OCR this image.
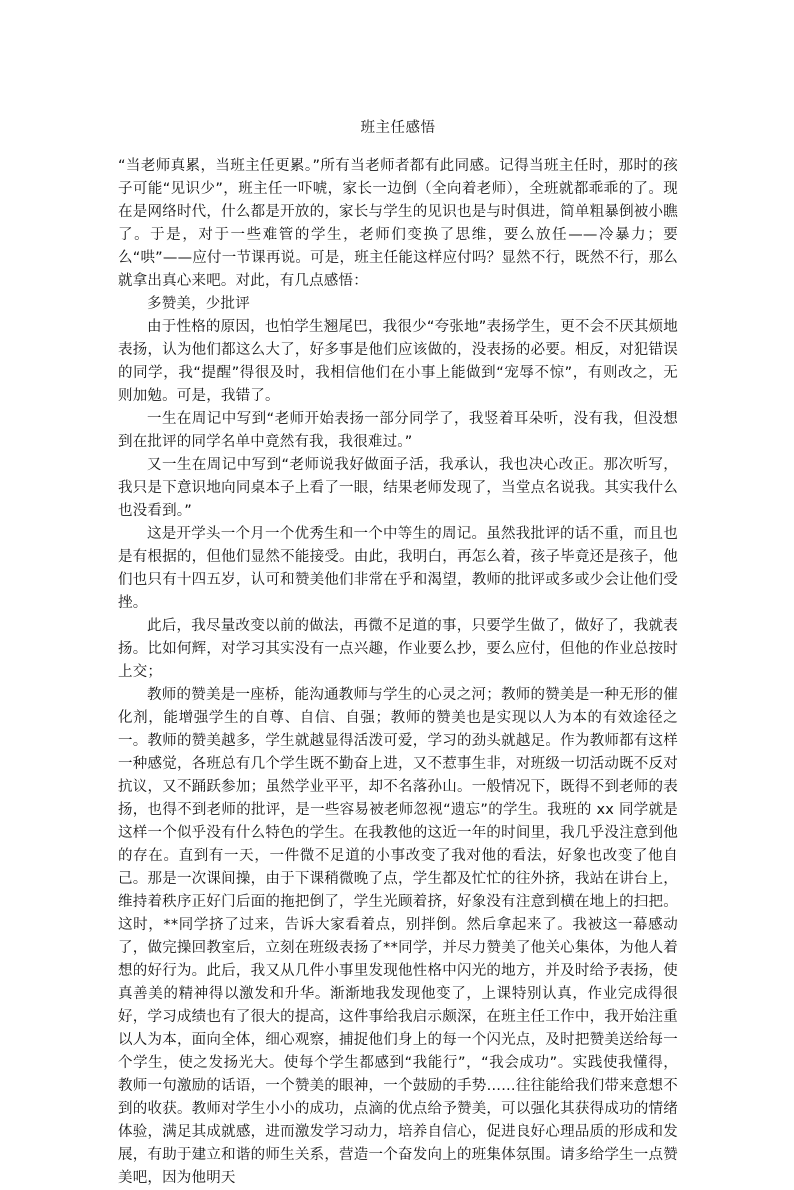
班主任感悟

“当老师真累，当班主任更累。”所有当老师者都有此同感。记得当班主任时，那时的孩子可能“见识少”，班主任一吓唬，家长一边倒（全向着老师），全班就都乖乖的了。现在是网络时代，什么都是开放的，家长与学生的见识也是与时俱进，简单粗暴倒被小瞧了。于是，对于一些难管的学生，老师们变换了思维，要么放任——冷暴力；要么“哄”——应付一节课再说。可是，班主任能这样应付吗？显然不行，既然不行，那么就拿出真心来吧。对此，有几点感悟：

多赞美，少批评

由于性格的原因，也怕学生翘尾巴，我很少“夸张地”表扬学生，更不会不厌其烦地表扬，认为他们都这么大了，好多事是他们应该做的，没表扬的必要。相反，对犯错误的同学，我“提醒”得很及时，我相信他们在小事上能做到“宠辱不惊”，有则改之，无则加勉。可是，我错了。

一生在周记中写到“老师开始表扬一部分同学了，我竖着耳朵听，没有我，但没想到在批评的同学名单中竟然有我，我很难过。”

又一生在周记中写到“老师说我好做面子活，我承认，我也决心改正。那次听写，我只是下意识地向同桌本子上看了一眼，结果老师发现了，当堂点名说我。其实我什么也没看到。”

这是开学头一个月一个优秀生和一个中等生的周记。虽然我批评的话不重，而且也是有根据的，但他们显然不能接受。由此，我明白，再怎么着，孩子毕竟还是孩子，他们也只有十四五岁，认可和赞美他们非常在乎和渴望，教师的批评或多或少会让他们受挫。

此后，我尽量改变以前的做法，再微不足道的事，只要学生做了，做好了，我就表扬。比如何辉，对学习其实没有一点兴趣，作业要么抄，要么应付，但他的作业总按时上交；

教师的赞美是一座桥，能沟通教师与学生的心灵之河；教师的赞美是一种无形的催化剂，能增强学生的自尊、自信、自强；教师的赞美也是实现以人为本的有效途径之一。教师的赞美越多，学生就越显得活泼可爱，学习的劲头就越足。作为教师都有这样一种感觉，各班总有几个学生既不勤奋上进，又不惹事生非，对班级一切活动既不反对抗议，又不踊跃参加；虽然学业平平，却不名落孙山。一般情况下，既得不到老师的表扬，也得不到老师的批评，是一些容易被老师忽视“遗忘”的学生。我班的 xx 同学就是这样一个似乎没有什么特色的学生。在我教他的这近一年的时间里，我几乎没注意到他的存在。直到有一天，一件微不足道的小事改变了我对他的看法，好象也改变了他自己。那是一次课间操，由于下课稍微晚了点，学生都及忙忙的往外挤，我站在讲台上，维持着秩序正好门后面的拖把倒了，学生光顾着挤，好象没有注意到横在地上的扫把。这时，**同学挤了过来，告诉大家看着点，别拌倒。然后拿起来了。我被这一幕感动了，做完操回教室后，立刻在班级表扬了**同学，并尽力赞美了他关心集体，为他人着想的好行为。此后，我又从几件小事里发现他性格中闪光的地方，并及时给予表扬，使真善美的精神得以激发和升华。渐渐地我发现他变了，上课特别认真，作业完成得很好，学习成绩也有了很大的提高，这件事给我启示颇深，在班主任工作中，我开始注重以人为本，面向全体，细心观察，捕捉他们身上的每一个闪光点，及时把赞美送给每一个学生，使之发扬光大。使每个学生都感到“我能行”，“我会成功”。实践使我懂得，教师一句激励的话语，一个赞美的眼神，一个鼓励的手势……往往能给我们带来意想不到的收获。教师对学生小小的成功，点滴的优点给予赞美，可以强化其获得成功的情绪体验，满足其成就感，进而激发学习动力，培养自信心，促进良好心理品质的形成和发展，有助于建立和谐的师生关系，营造一个奋发向上的班集体氛围。请多给学生一点赞美吧，因为他明天
